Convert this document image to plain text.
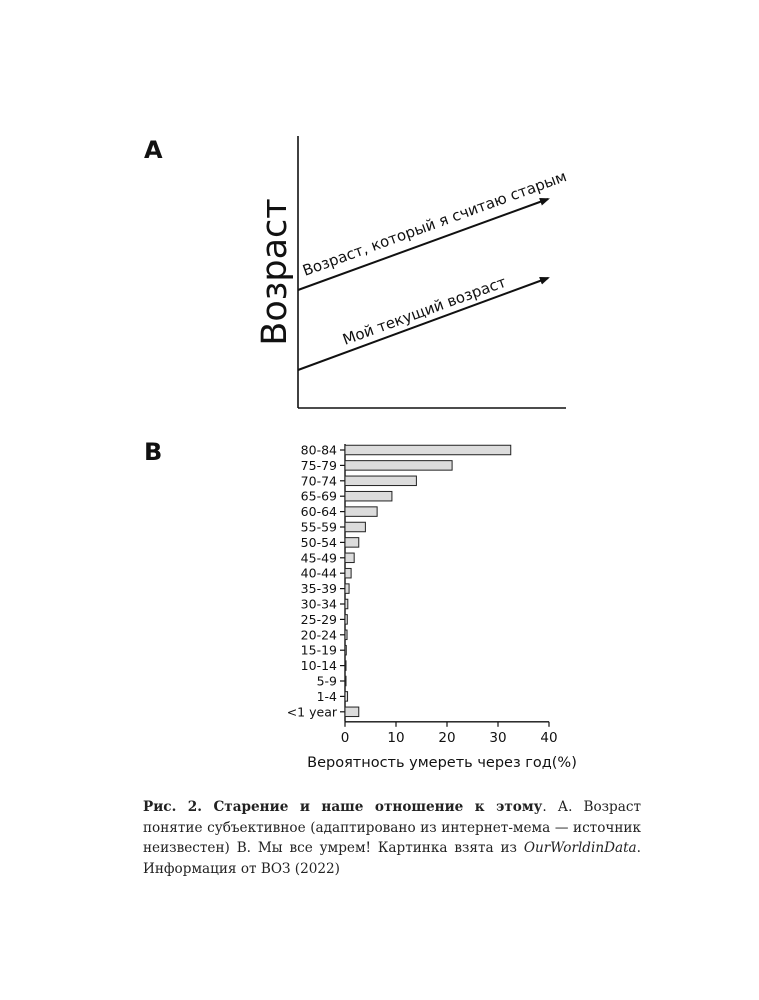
A
Возраст Возраст, который я считаю старым
Мой текущий возраст
B	80-84
75-79
70-74
65-69
60-64
55-59
50-54
45-49
40-44
35-39
30-34
25-29
20-24
15-19
10-14
5-9
1-4
<1 year
0	10	20	30	40
Вероятность умереть через год(%)
Рис. 2. Старение и наше отношение к этому. А. Возраст понятие субъективное (адаптировано из интернет-мема — источник неизвестен) B. Мы все умрем! Картинка взята из OurWorldinData. Информация от ВОЗ (2022)
